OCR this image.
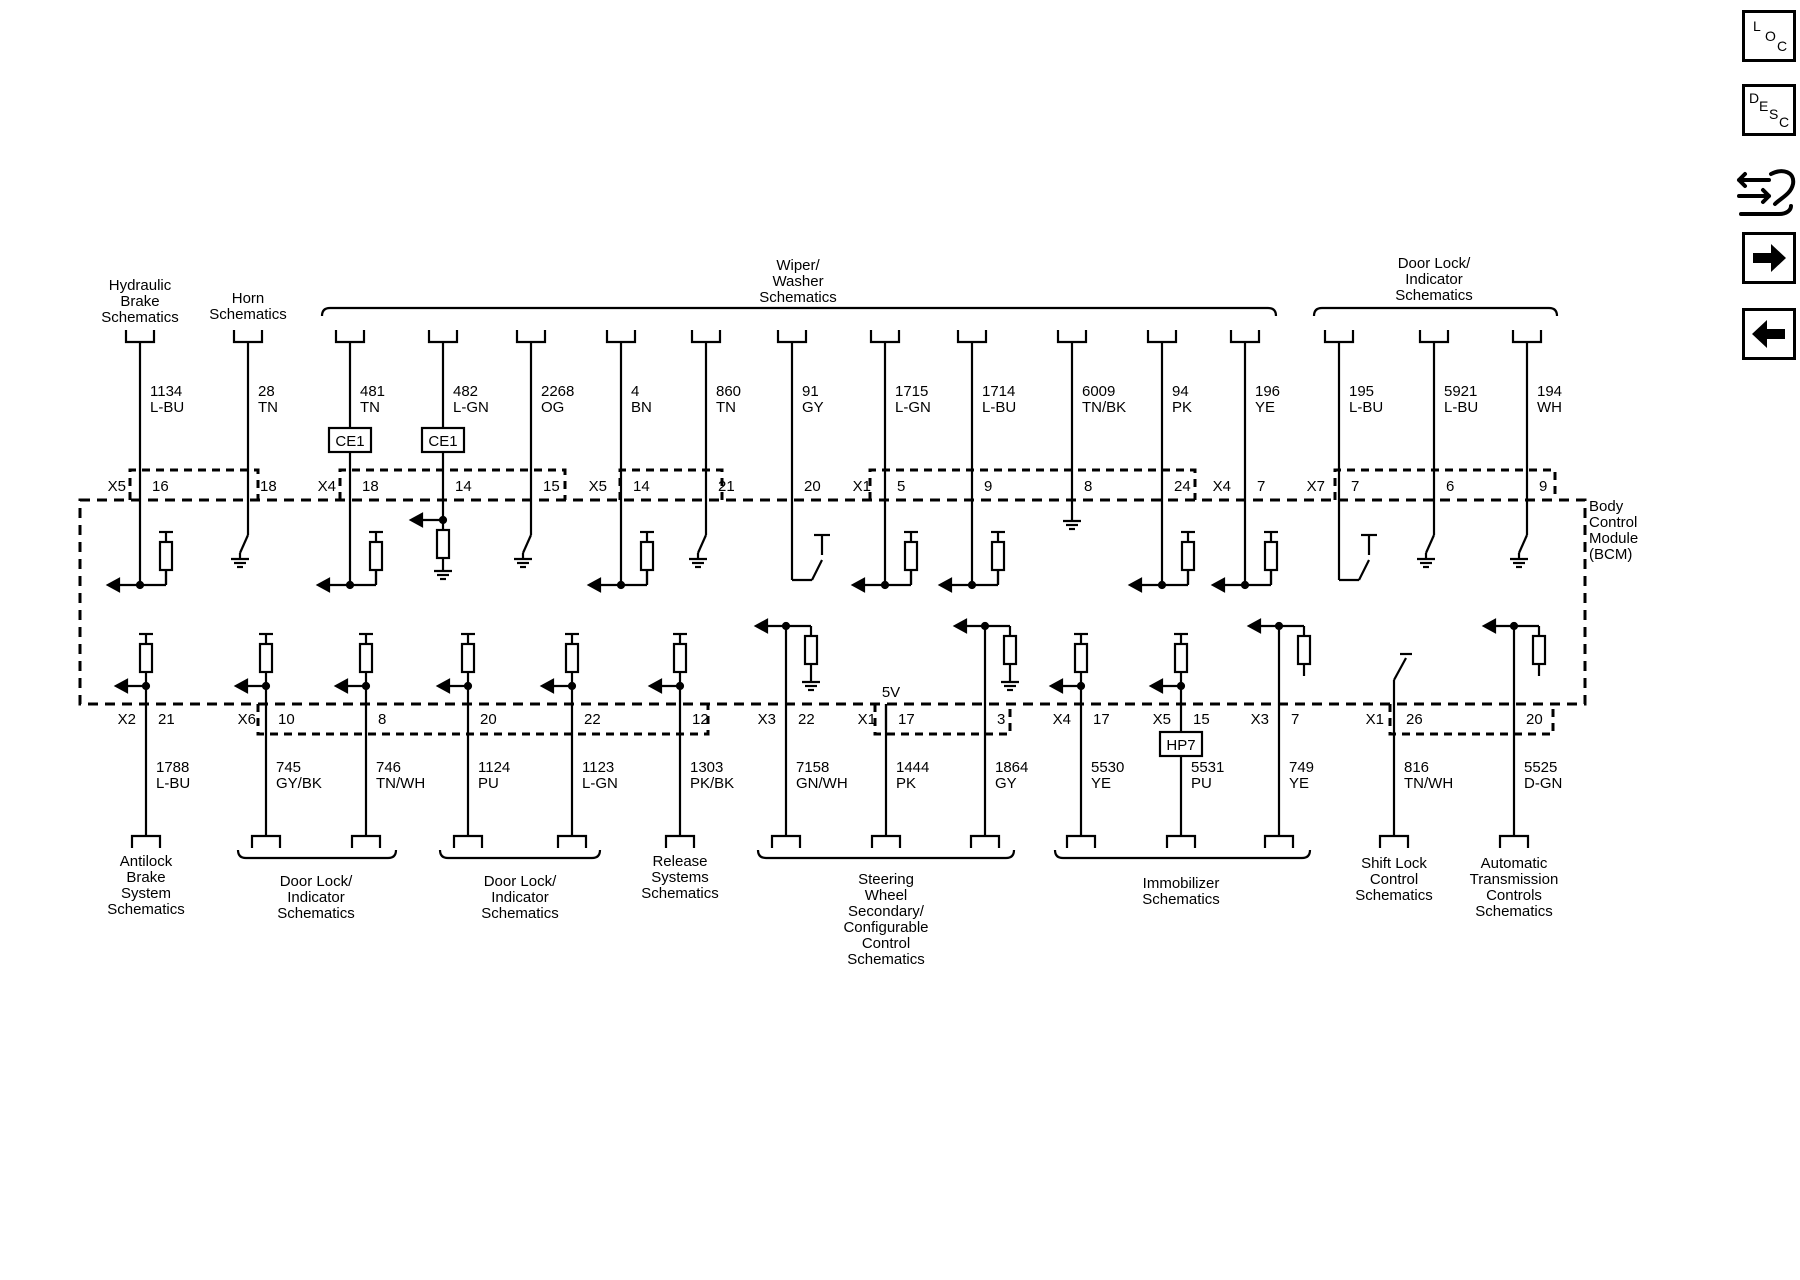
L
O
C
D E S C
1134
L-BU
X5 16
28
TN
18
CE1
481
TN
X4 18
CE1
482
L-GN
14
2268
OG
15
4
BN
X5 14
860
TN
21
91
GY
20
1715
L-GN
X1 5
1714
L-BU
9
6009
TN/BK
8
94
PK
24
196
YE
X4 7
195
L-BU
X7 7
5921
L-BU
6
194
WH
9
Hydraulic
Brake
Schematics
Horn
Schematics
Wiper/
Washer
Schematics
Door Lock/
Indicator
Schematics
Body
Control
Module
(BCM)
X2 21
1788
L-BU
X6 10
745
GY/BK
8
746
TN/WH
20
1124
PU
22
1123
L-GN
12
1303
PK/BK
X3 22
7158
GN/WH
X1 17
1444
PK
5V
3
1864
GY
X4 17
5530
YE
HP7
X5 15
5531
PU
X3 7
749
YE
X1 26
816
TN/WH
20
5525
D-GN
Antilock
Brake
System
Schematics
Door Lock/
Indicator
Schematics
Door Lock/
Indicator
Schematics
Release
Systems
Schematics
Steering
Wheel
Secondary/
Configurable
Control
Schematics
Immobilizer
Schematics
Shift Lock
Control
Schematics
Automatic
Transmission
Controls
Schematics
